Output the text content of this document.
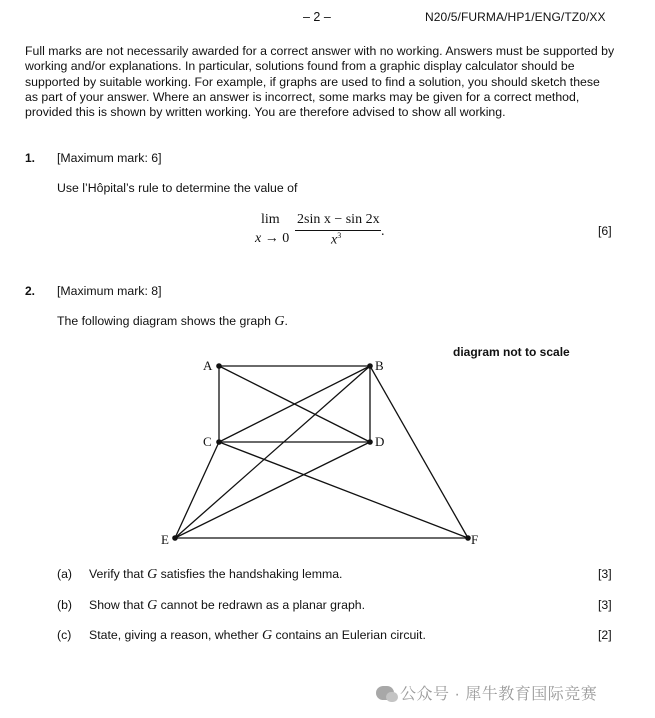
– 2 –	N20/5/FURMA/HP1/ENG/TZ0/XX
Full marks are not necessarily awarded for a correct answer with no working. Answers must be supported by working and/or explanations. In particular, solutions found from a graphic display calculator should be supported by suitable working. For example, if graphs are used to find a solution, you should sketch these as part of your answer. Where an answer is incorrect, some marks may be given for a correct method, provided this is shown by written working. You are therefore advised to show all working.
1. [Maximum mark: 6]
Use l’Hôpital’s rule to determine the value of
lim
x → 0
2sin x − sin 2x
$x^3$	.	[6]
2. [Maximum mark: 8]
The following diagram shows the graph G.
diagram not to scale
A	B
C	D
E	F
(a) Verify that G satisfies the handshaking lemma.	[3]
(b) Show that G cannot be redrawn as a planar graph.	[3]
(c) State, giving a reason, whether G contains an Eulerian circuit.	[2]
公众号 · 犀牛教育国际竞赛
